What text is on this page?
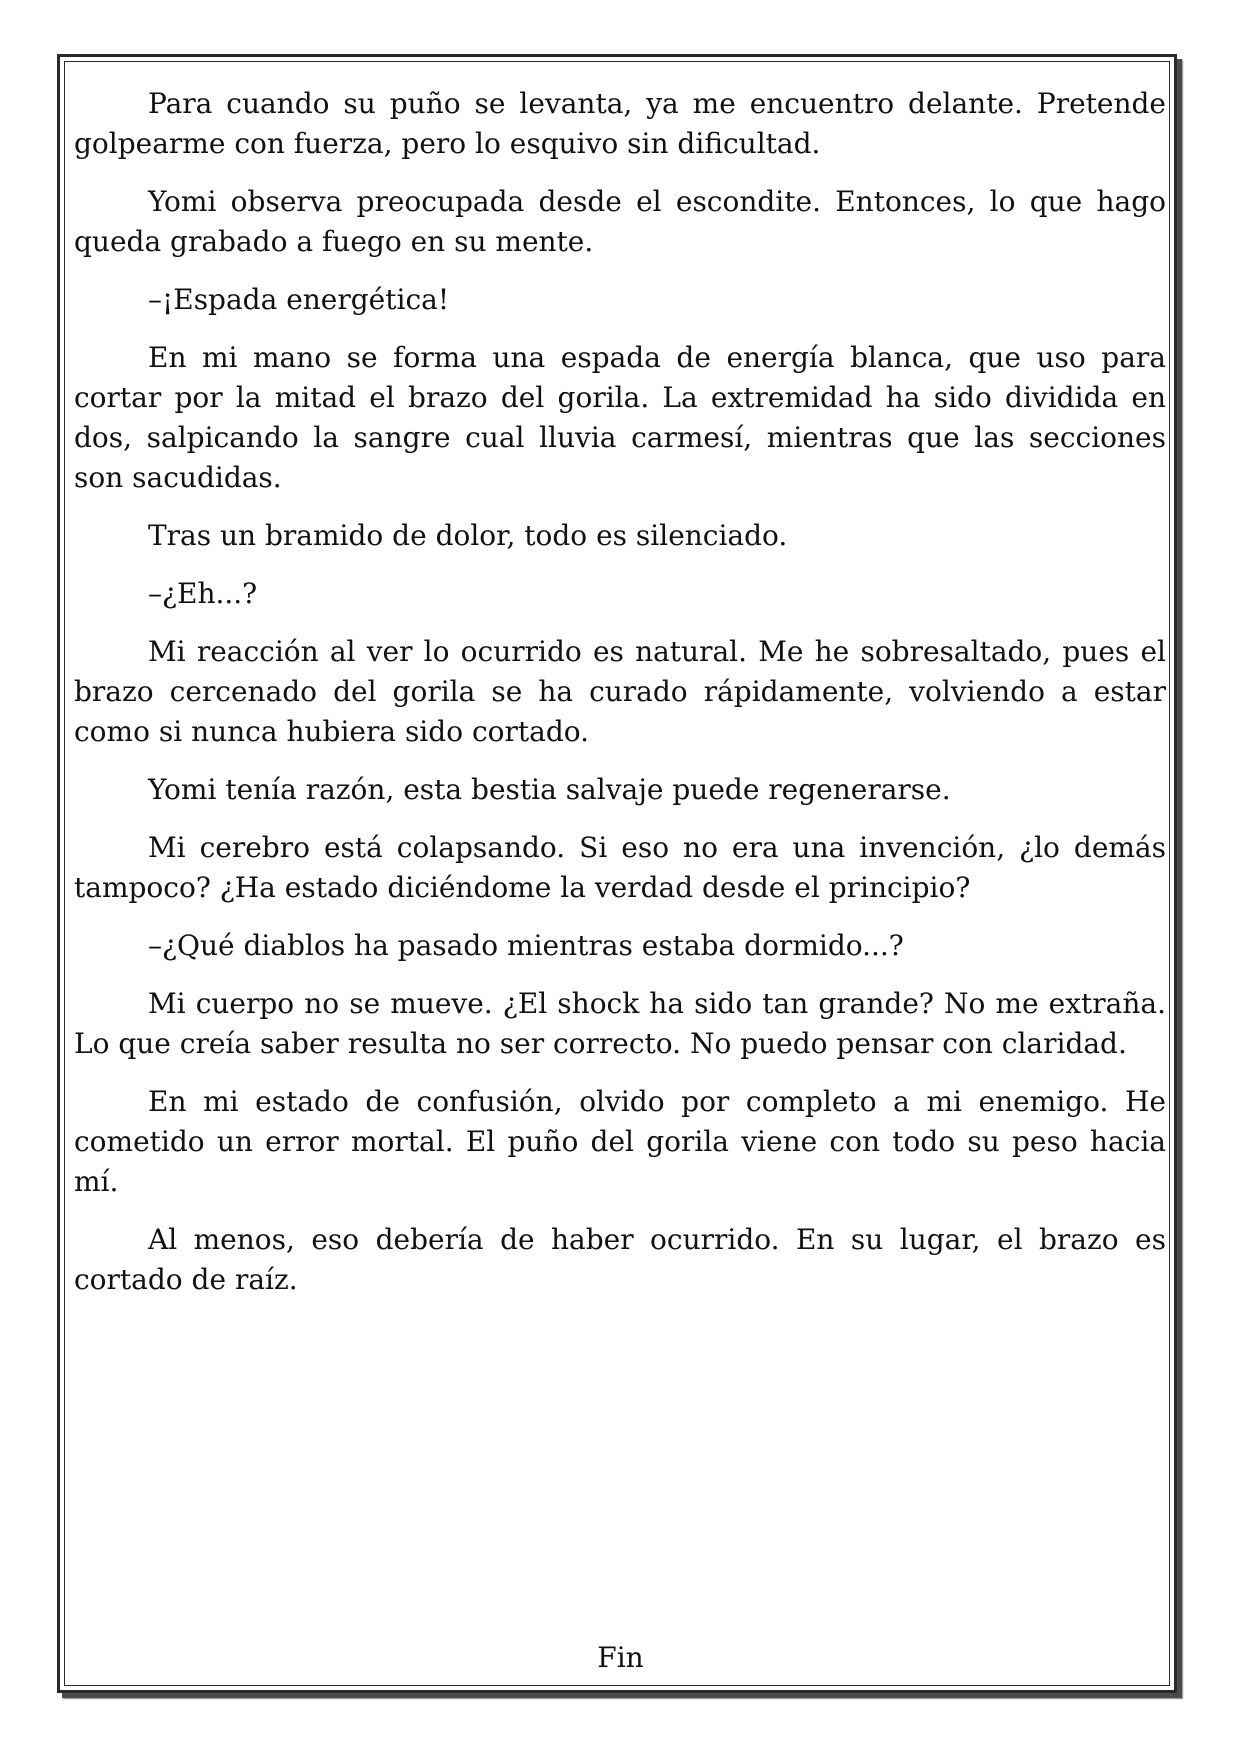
Para cuando su puño se levanta, ya me encuentro delante. Pretende golpearme con fuerza, pero lo esquivo sin dificultad.

Yomi observa preocupada desde el escondite. Entonces, lo que hago queda grabado a fuego en su mente.

–¡Espada energética!

En mi mano se forma una espada de energía blanca, que uso para cortar por la mitad el brazo del gorila. La extremidad ha sido dividida en dos, salpicando la sangre cual lluvia carmesí, mientras que las secciones son sacudidas.

Tras un bramido de dolor, todo es silenciado.

–¿Eh...?

Mi reacción al ver lo ocurrido es natural. Me he sobresaltado, pues el brazo cercenado del gorila se ha curado rápidamente, volviendo a estar como si nunca hubiera sido cortado.

Yomi tenía razón, esta bestia salvaje puede regenerarse.

Mi cerebro está colapsando. Si eso no era una invención, ¿lo demás tampoco? ¿Ha estado diciéndome la verdad desde el principio?

–¿Qué diablos ha pasado mientras estaba dormido...?

Mi cuerpo no se mueve. ¿El shock ha sido tan grande? No me extraña. Lo que creía saber resulta no ser correcto. No puedo pensar con claridad.

En mi estado de confusión, olvido por completo a mi enemigo. He cometido un error mortal. El puño del gorila viene con todo su peso hacia mí.

Al menos, eso debería de haber ocurrido. En su lugar, el brazo es cortado de raíz.

Fin
